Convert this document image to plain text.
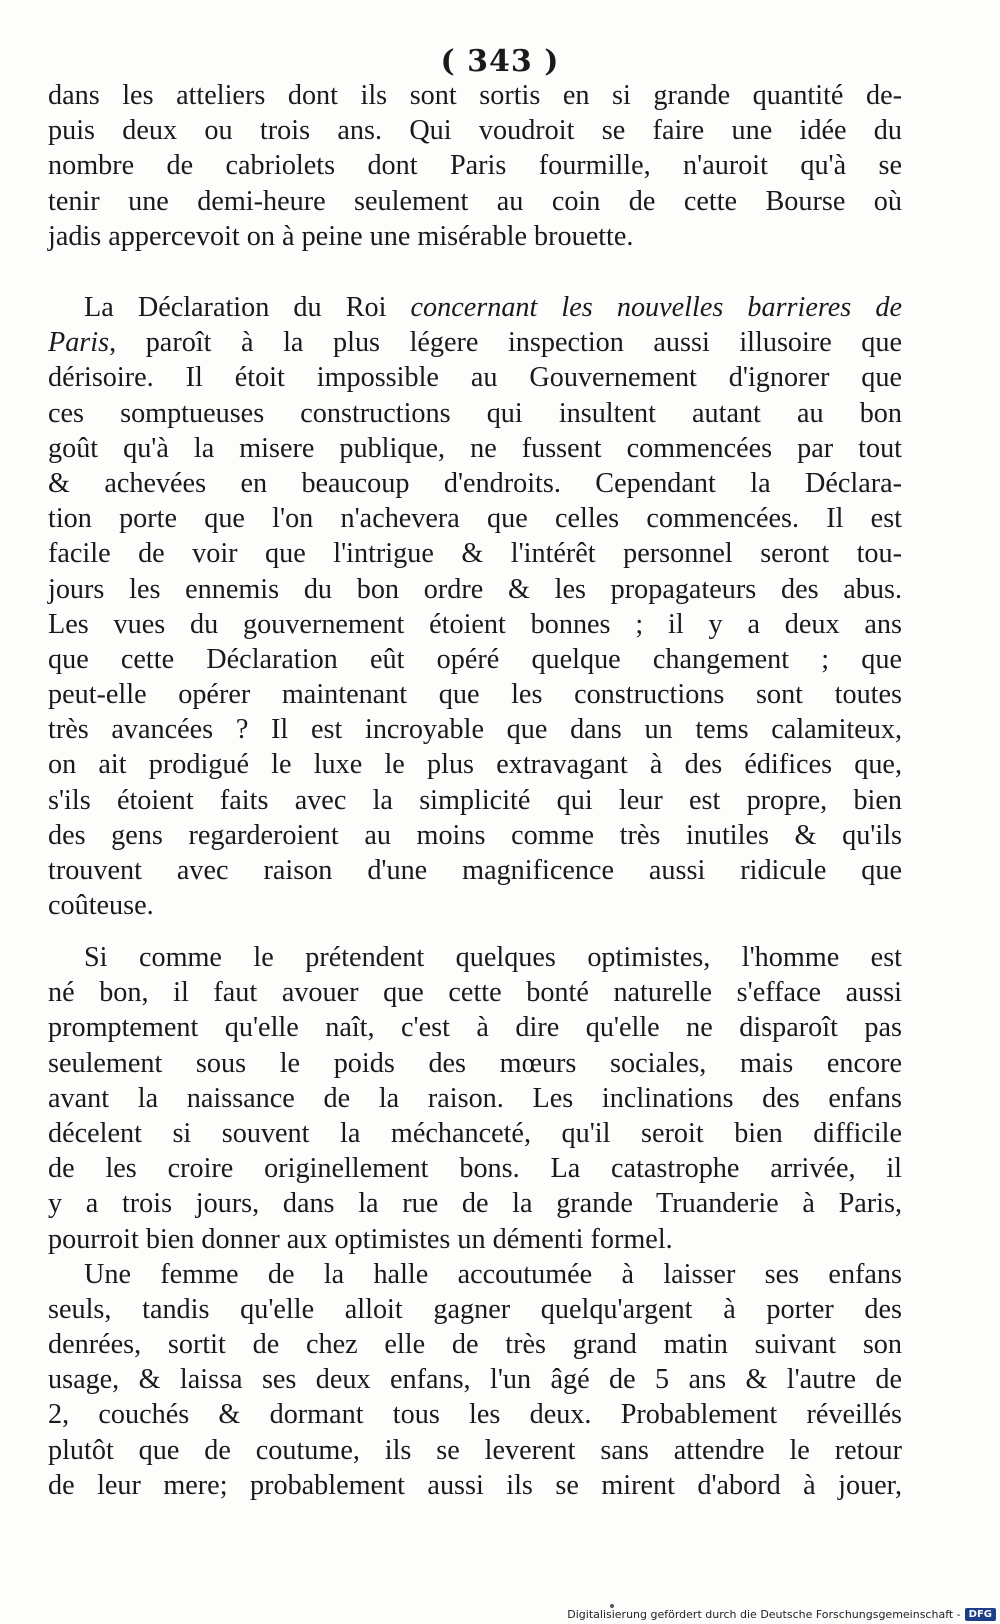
( 343 )
dans les atteliers dont ils sont sortis en si grande quantité de-
puis deux ou trois ans. Qui voudroit se faire une idée du
nombre de cabriolets dont Paris fourmille, n'auroit qu'à se
tenir une demi-heure seulement au coin de cette Bourse où
jadis appercevoit on à peine une misérable brouette.
La Déclaration du Roi concernant les nouvelles barrieres de
Paris, paroît à la plus légere inspection aussi illusoire que
dérisoire. Il étoit impossible au Gouvernement d'ignorer que
ces somptueuses constructions qui insultent autant au bon
goût qu'à la misere publique, ne fussent commencées par tout
& achevées en beaucoup d'endroits. Cependant la Déclara-
tion porte que l'on n'achevera que celles commencées. Il est
facile de voir que l'intrigue & l'intérêt personnel seront tou-
jours les ennemis du bon ordre & les propagateurs des abus.
Les vues du gouvernement étoient bonnes ; il y a deux ans
que cette Déclaration eût opéré quelque changement ; que
peut-elle opérer maintenant que les constructions sont toutes
très avancées ? Il est incroyable que dans un tems calamiteux,
on ait prodigué le luxe le plus extravagant à des édifices que,
s'ils étoient faits avec la simplicité qui leur est propre, bien
des gens regarderoient au moins comme très inutiles & qu'ils
trouvent avec raison d'une magnificence aussi ridicule que
coûteuse.
Si comme le prétendent quelques optimistes, l'homme est
né bon, il faut avouer que cette bonté naturelle s'efface aussi
promptement qu'elle naît, c'est à dire qu'elle ne disparoît pas
seulement sous le poids des mœurs sociales, mais encore
avant la naissance de la raison. Les inclinations des enfans
décelent si souvent la méchanceté, qu'il seroit bien difficile
de les croire originellement bons. La catastrophe arrivée, il
y a trois jours, dans la rue de la grande Truanderie à Paris,
pourroit bien donner aux optimistes un démenti formel.
Une femme de la halle accoutumée à laisser ses enfans
seuls, tandis qu'elle alloit gagner quelqu'argent à porter des
denrées, sortit de chez elle de très grand matin suivant son
usage, & laissa ses deux enfans, l'un âgé de 5 ans & l'autre de
2, couchés & dormant tous les deux. Probablement réveillés
plutôt que de coutume, ils se leverent sans attendre le retour
de leur mere; probablement aussi ils se mirent d'abord à jouer,
Digitalisierung gefördert durch die Deutsche Forschungsgemeinschaft - DFG
